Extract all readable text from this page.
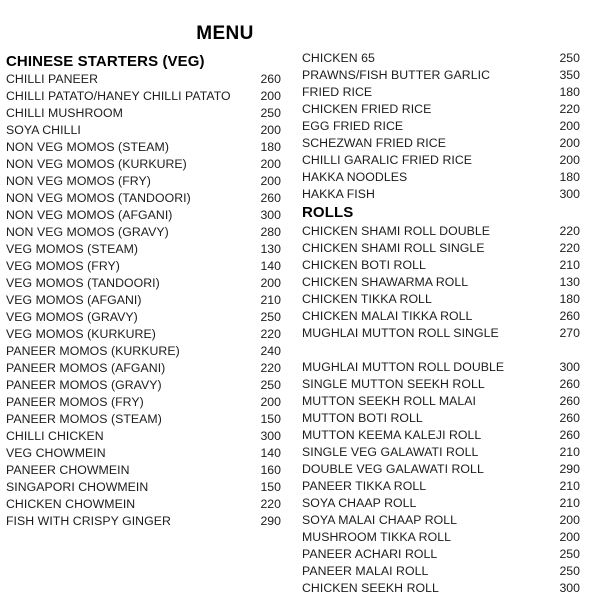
MENU
CHINESE STARTERS (VEG)
CHILLI PANEER	260
CHILLI PATATO/HANEY CHILLI PATATO	200
CHILLI MUSHROOM	250
SOYA CHILLI	200
NON VEG MOMOS (STEAM)	180
NON VEG MOMOS (KURKURE)	200
NON VEG MOMOS (FRY)	200
NON VEG MOMOS (TANDOORI)	260
NON VEG MOMOS (AFGANI)	300
NON VEG MOMOS (GRAVY)	280
VEG MOMOS (STEAM)	130
VEG MOMOS (FRY)	140
VEG MOMOS (TANDOORI)	200
VEG MOMOS (AFGANI)	210
VEG MOMOS (GRAVY)	250
VEG MOMOS (KURKURE)	220
PANEER MOMOS (KURKURE)	240
PANEER MOMOS (AFGANI)	220
PANEER MOMOS (GRAVY)	250
PANEER MOMOS (FRY)	200
PANEER MOMOS (STEAM)	150
CHILLI CHICKEN	300
VEG CHOWMEIN	140
PANEER CHOWMEIN	160
SINGAPORI CHOWMEIN	150
CHICKEN CHOWMEIN	220
FISH WITH CRISPY GINGER	290
CHICKEN 65	250
PRAWNS/FISH BUTTER GARLIC	350
FRIED RICE	180
CHICKEN FRIED RICE	220
EGG FRIED RICE	200
SCHEZWAN FRIED RICE	200
CHILLI GARALIC FRIED RICE	200
HAKKA NOODLES	180
HAKKA FISH	300
ROLLS
CHICKEN SHAMI ROLL DOUBLE	220
CHICKEN SHAMI ROLL SINGLE	220
CHICKEN BOTI ROLL	210
CHICKEN SHAWARMA ROLL	130
CHICKEN TIKKA ROLL	180
CHICKEN MALAI TIKKA ROLL	260
MUGHLAI MUTTON ROLL SINGLE	270
MUGHLAI MUTTON ROLL DOUBLE	300
SINGLE MUTTON SEEKH ROLL	260
MUTTON SEEKH ROLL MALAI	260
MUTTON BOTI ROLL	260
MUTTON KEEMA KALEJI ROLL	260
SINGLE VEG GALAWATI ROLL	210
DOUBLE VEG GALAWATI ROLL	290
PANEER TIKKA ROLL	210
SOYA CHAAP ROLL	210
SOYA MALAI CHAAP ROLL	200
MUSHROOM TIKKA ROLL	200
PANEER ACHARI ROLL	250
PANEER MALAI ROLL	250
CHICKEN SEEKH ROLL	300
